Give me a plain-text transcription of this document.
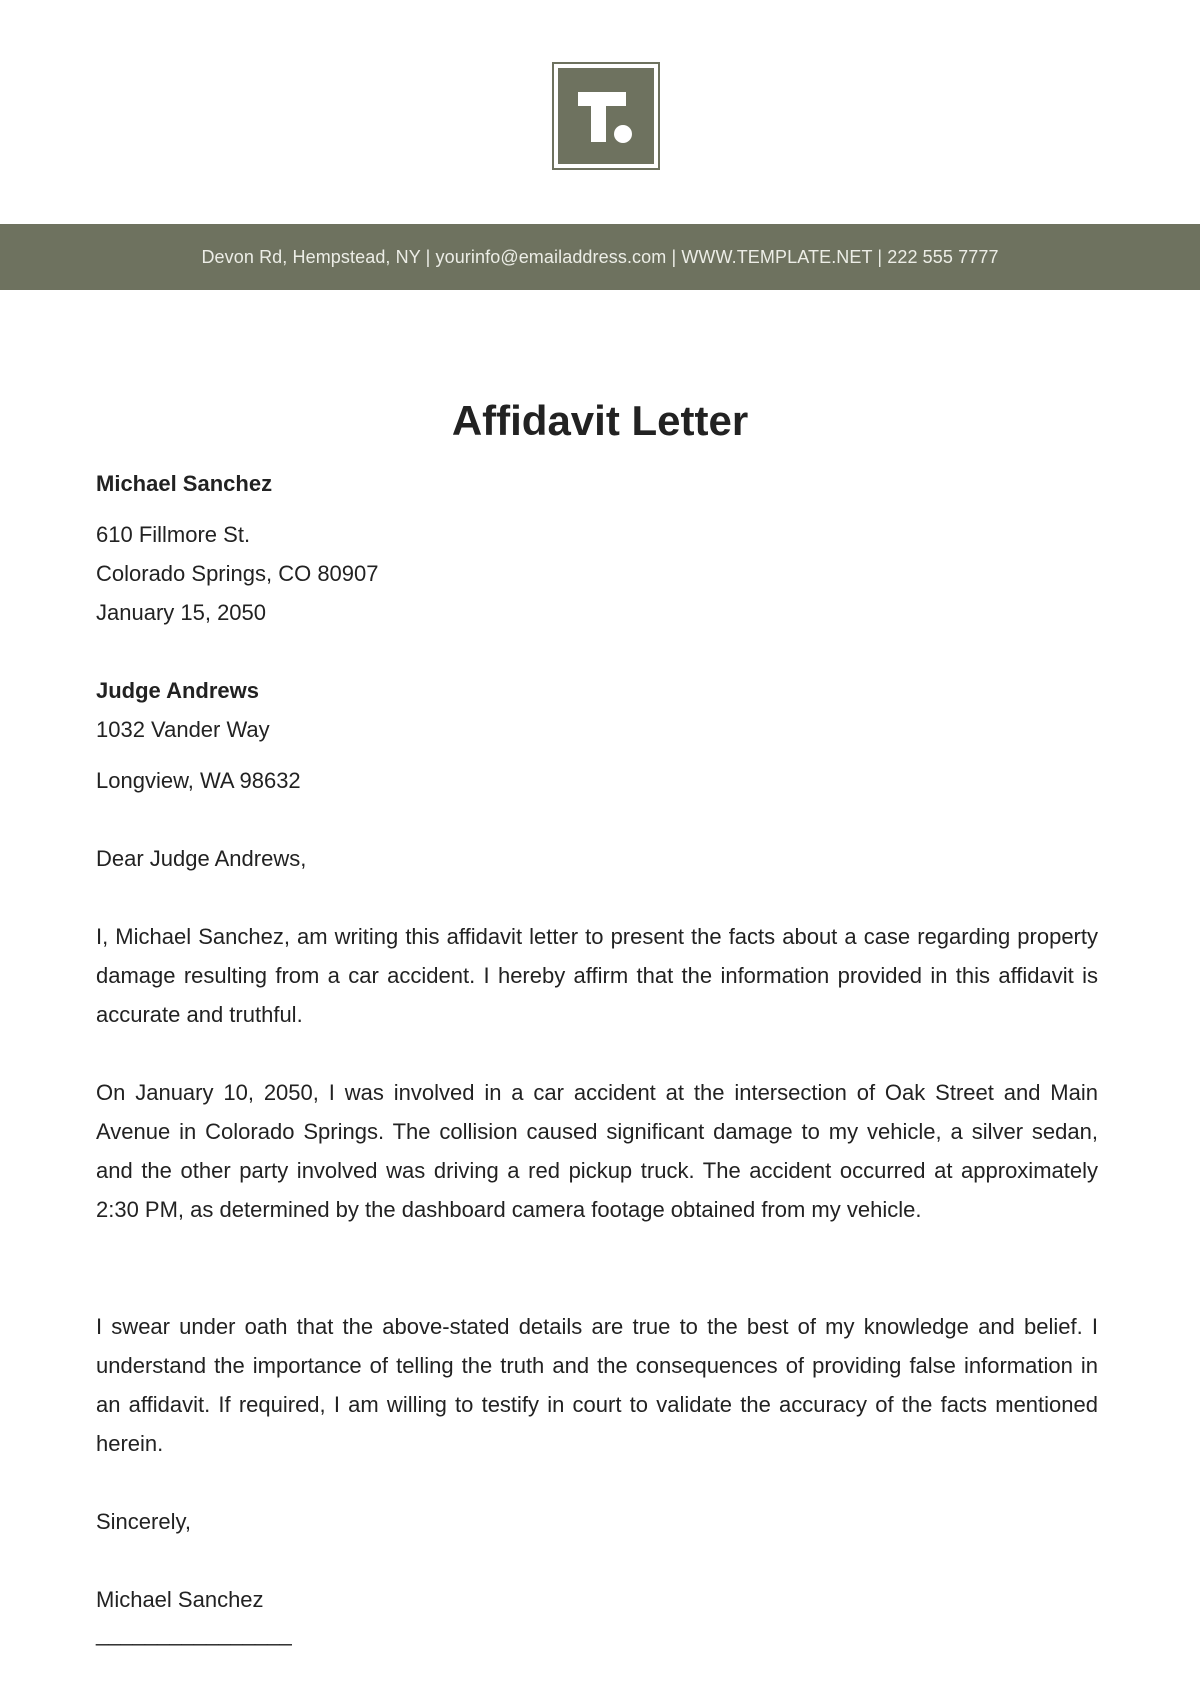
Devon Rd, Hempstead, NY | yourinfo@emailaddress.com | WWW.TEMPLATE.NET | 222 555 7777
Affidavit Letter
Michael Sanchez
610 Fillmore St.
Colorado Springs, CO 80907
January 15, 2050
Judge Andrews
1032 Vander Way
Longview, WA 98632
Dear Judge Andrews,

I, Michael Sanchez, am writing this affidavit letter to present the facts about a case regarding property damage resulting from a car accident. I hereby affirm that the information provided in this affidavit is accurate and truthful.

On January 10, 2050, I was involved in a car accident at the intersection of Oak Street and Main Avenue in Colorado Springs. The collision caused significant damage to my vehicle, a silver sedan, and the other party involved was driving a red pickup truck. The accident occurred at approximately 2:30 PM, as determined by the dashboard camera footage obtained from my vehicle.

I swear under oath that the above-stated details are true to the best of my knowledge and belief. I understand the importance of telling the truth and the consequences of providing false information in an affidavit. If required, I am willing to testify in court to validate the accuracy of the facts mentioned herein.

Sincerely,
Michael Sanchez
________________
